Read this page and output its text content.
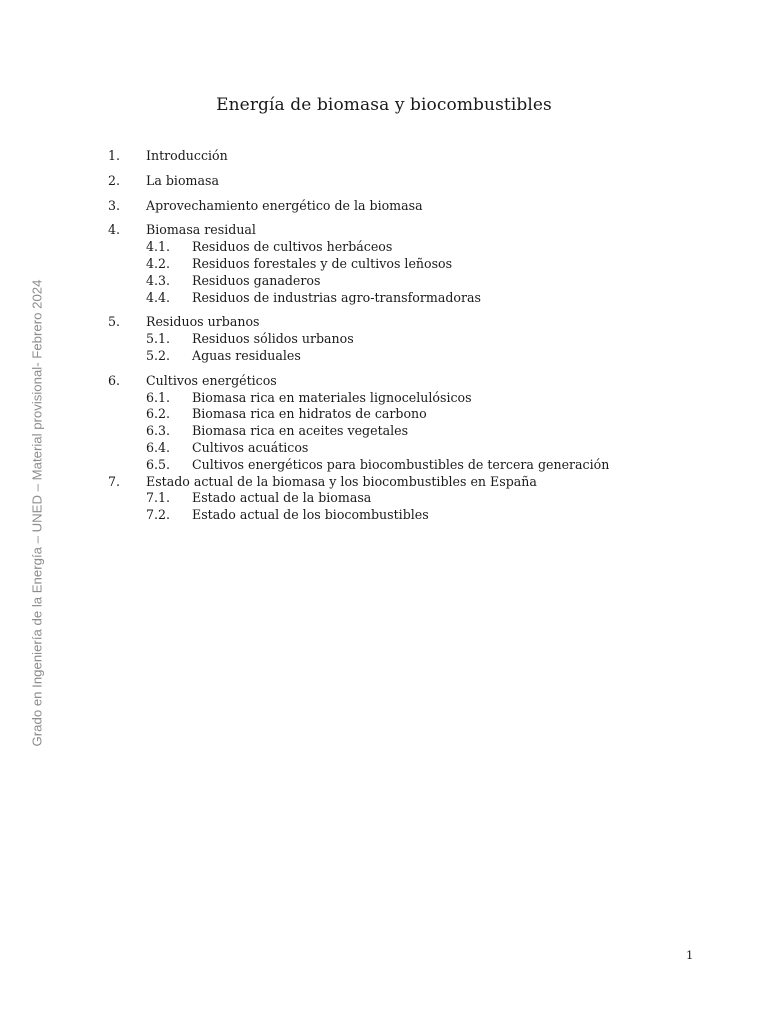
Energía de biomasa y biocombustibles
1.	Introducción
2.	La biomasa
3.	Aprovechamiento energético de la biomasa
4.	Biomasa residual
4.1.	Residuos de cultivos herbáceos
4.2.	Residuos forestales y de cultivos leñosos
4.3.	Residuos ganaderos
4.4.	Residuos de industrias agro-transformadoras
5.	Residuos urbanos
5.1.	Residuos sólidos urbanos
5.2.	Aguas residuales
6.	Cultivos energéticos
6.1.	Biomasa rica en materiales lignocelulósicos
6.2.	Biomasa rica en hidratos de carbono
6.3.	Biomasa rica en aceites vegetales
6.4.	Cultivos acuáticos
6.5.	Cultivos energéticos para biocombustibles de tercera generación
7.	Estado actual de la biomasa y los biocombustibles en España
7.1.	Estado actual de la biomasa
7.2.	Estado actual de los biocombustibles
Grado en Ingeniería de la Energía – UNED – Material provisional- Febrero 2024
1
